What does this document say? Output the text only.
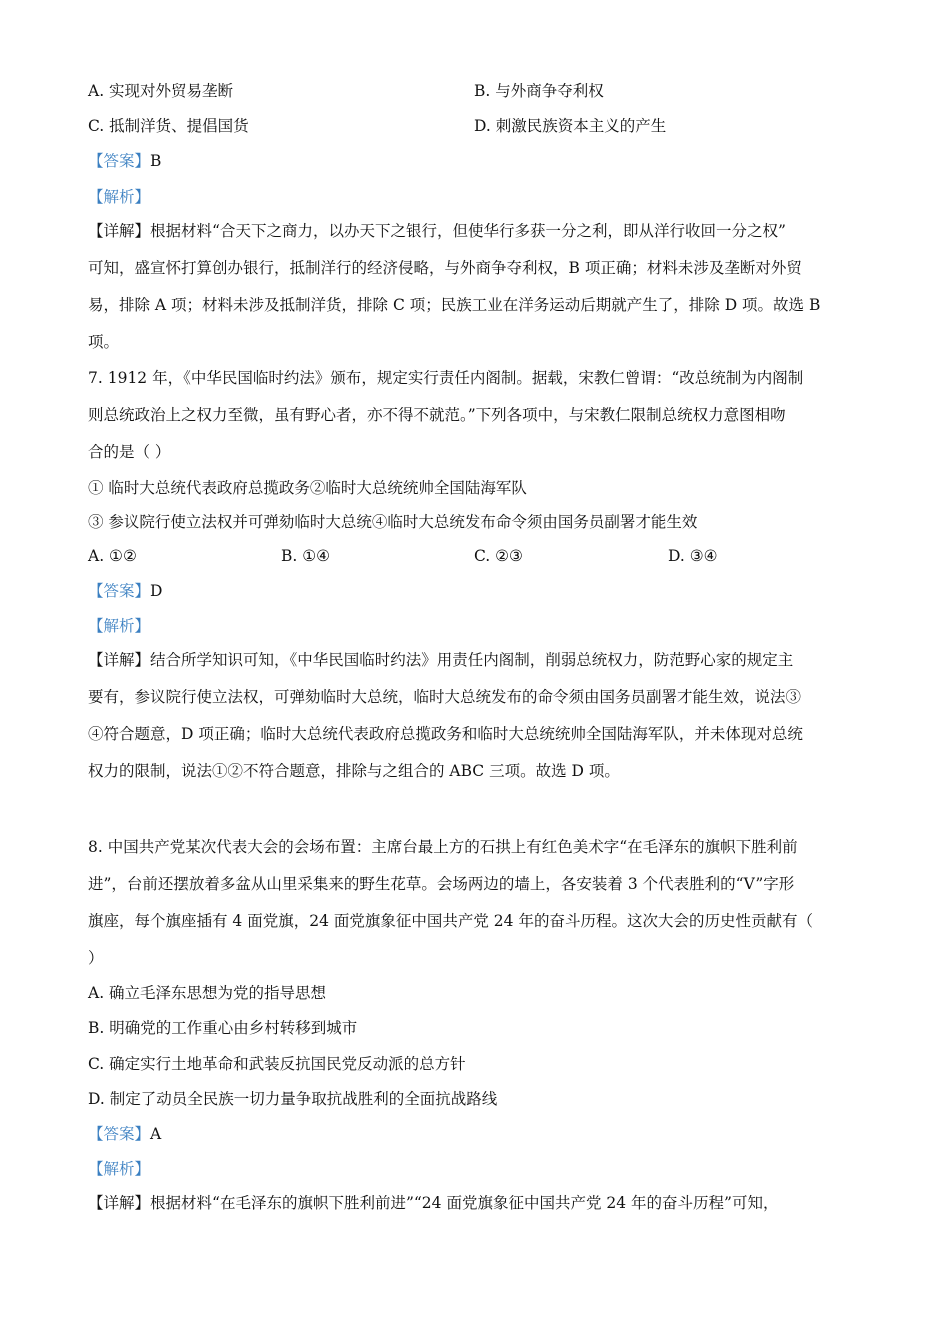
A. 实现对外贸易垄断	B. 与外商争夺利权
C. 抵制洋货、提倡国货	D. 刺激民族资本主义的产生
【答案】B
【解析】

【详解】根据材料“合天下之商力，以办天下之银行，但使华行多获一分之利，即从洋行收回一分之权”

可知，盛宣怀打算创办银行，抵制洋行的经济侵略，与外商争夺利权，B 项正确；材料未涉及垄断对外贸

易，排除 A 项；材料未涉及抵制洋货，排除 C 项；民族工业在洋务运动后期就产生了，排除 D 项。故选 B

项。

7. 1912 年，《中华民国临时约法》颁布，规定实行责任内阁制。据载，宋教仁曾谓：“改总统制为内阁制

则总统政治上之权力至微，虽有野心者，亦不得不就范。”下列各项中，与宋教仁限制总统权力意图相吻

合的是（ ）

① 临时大总统代表政府总揽政务②临时大总统统帅全国陆海军队
③ 参议院行使立法权并可弹劾临时大总统④临时大总统发布命令须由国务员副署才能生效
A. ①②	B. ①④	C. ②③	D. ③④
【答案】D
【解析】

【详解】结合所学知识可知，《中华民国临时约法》用责任内阁制，削弱总统权力，防范野心家的规定主

要有，参议院行使立法权，可弹劾临时大总统，临时大总统发布的命令须由国务员副署才能生效，说法③

④符合题意，D 项正确；临时大总统代表政府总揽政务和临时大总统统帅全国陆海军队，并未体现对总统

权力的限制，说法①②不符合题意，排除与之组合的 ABC 三项。故选 D 项。

8. 中国共产党某次代表大会的会场布置：主席台最上方的石拱上有红色美术字“在毛泽东的旗帜下胜利前

进”，台前还摆放着多盆从山里采集来的野生花草。会场两边的墙上，各安装着 3 个代表胜利的“V”字形

旗座，每个旗座插有 4 面党旗，24 面党旗象征中国共产党 24 年的奋斗历程。这次大会的历史性贡献有（

）

A. 确立毛泽东思想为党的指导思想
B. 明确党的工作重心由乡村转移到城市
C. 确定实行土地革命和武装反抗国民党反动派的总方针
D. 制定了动员全民族一切力量争取抗战胜利的全面抗战路线
【答案】A
【解析】

【详解】根据材料“在毛泽东的旗帜下胜利前进”“24 面党旗象征中国共产党 24 年的奋斗历程”可知，
